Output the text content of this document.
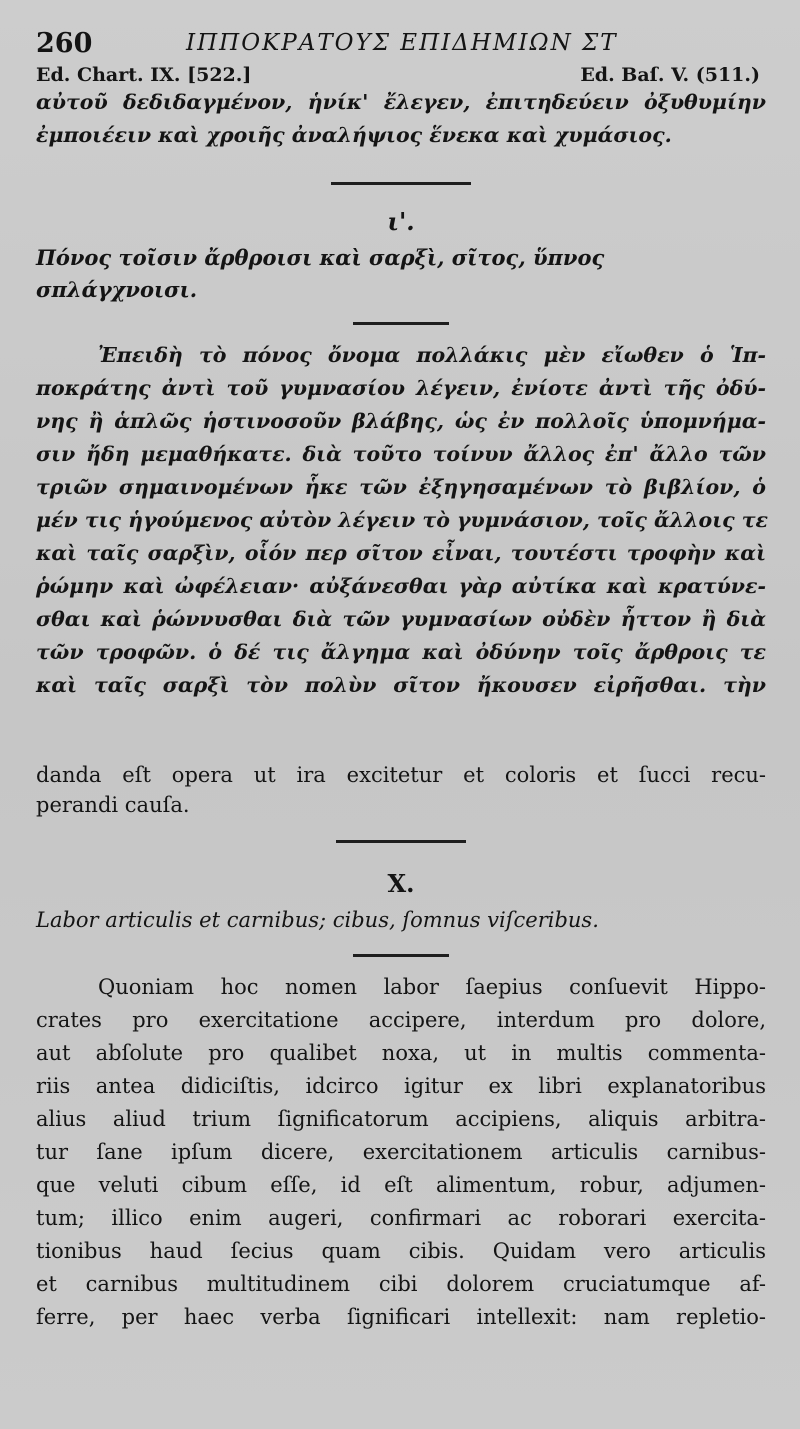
260	ΙΠΠΟΚΡΑΤΟΥΣ ΕΠΙΔΗΜΙΩΝ ΣΤ
Ed. Chart. IX. [522.]	Ed. Baſ. V. (511.)
αὐτοῦ δεδιδαγμένον, ἡνίκ' ἔλεγεν, ἐπιτηδεύειν ὀξυθυμίην
ἐμποιέειν καὶ χροιῆς ἀναλήψιος ἕνεκα καὶ χυμάσιος.
ι'.
Πόνος τοῖσιν ἄρθροισι καὶ σαρξὶ, σῖτος, ὕπνος σπλάγχνοισι.
Ἐπειδὴ τὸ πόνος ὄνομα πολλάκις μὲν εἴωθεν ὁ Ἱπ-
ποκράτης ἀντὶ τοῦ γυμνασίου λέγειν, ἐνίοτε ἀντὶ τῆς ὀδύ-
νης ἢ ἁπλῶς ἡστινοσοῦν βλάβης, ὡς ἐν πολλοῖς ὑπομνήμα-
σιν ἤδη μεμαθήκατε. διὰ τοῦτο τοίνυν ἄλλος ἐπ' ἄλλο τῶν
τριῶν σημαινομένων ἧκε τῶν ἐξηγησαμένων τὸ βιβλίον, ὁ
μέν τις ἡγούμενος αὐτὸν λέγειν τὸ γυμνάσιον, τοῖς ἄλλοις τε
καὶ ταῖς σαρξὶν, οἷόν περ σῖτον εἶναι, τουτέστι τροφὴν καὶ
ῥώμην καὶ ὠφέλειαν· αὐξάνεσθαι γὰρ αὐτίκα καὶ κρατύνε-
σθαι καὶ ῥώννυσθαι διὰ τῶν γυμνασίων οὐδὲν ἧττον ἢ διὰ
τῶν τροφῶν. ὁ δέ τις ἄλγημα καὶ ὀδύνην τοῖς ἄρθροις τε
καὶ ταῖς σαρξὶ τὸν πολὺν σῖτον ἤκουσεν εἰρῆσθαι. τὴν
danda eſt opera ut ira excitetur et coloris et ſucci recu-
perandi cauſa.
X.
Labor articulis et carnibus; cibus, ſomnus viſceribus.
Quoniam hoc nomen labor ſaepius conſuevit Hippo-
crates pro exercitatione accipere, interdum pro dolore,
aut abſolute pro qualibet noxa, ut in multis commenta-
riis antea didiciſtis, idcirco igitur ex libri explanatoribus
alius aliud trium ſignificatorum accipiens, aliquis arbitra-
tur ſane ipſum dicere, exercitationem articulis carnibus-
que veluti cibum eſſe, id eſt alimentum, robur, adjumen-
tum; illico enim augeri, confirmari ac roborari exercita-
tionibus haud ſecius quam cibis. Quidam vero articulis
et carnibus multitudinem cibi dolorem cruciatumque af-
ferre, per haec verba ſignificari intellexit: nam repletio-
